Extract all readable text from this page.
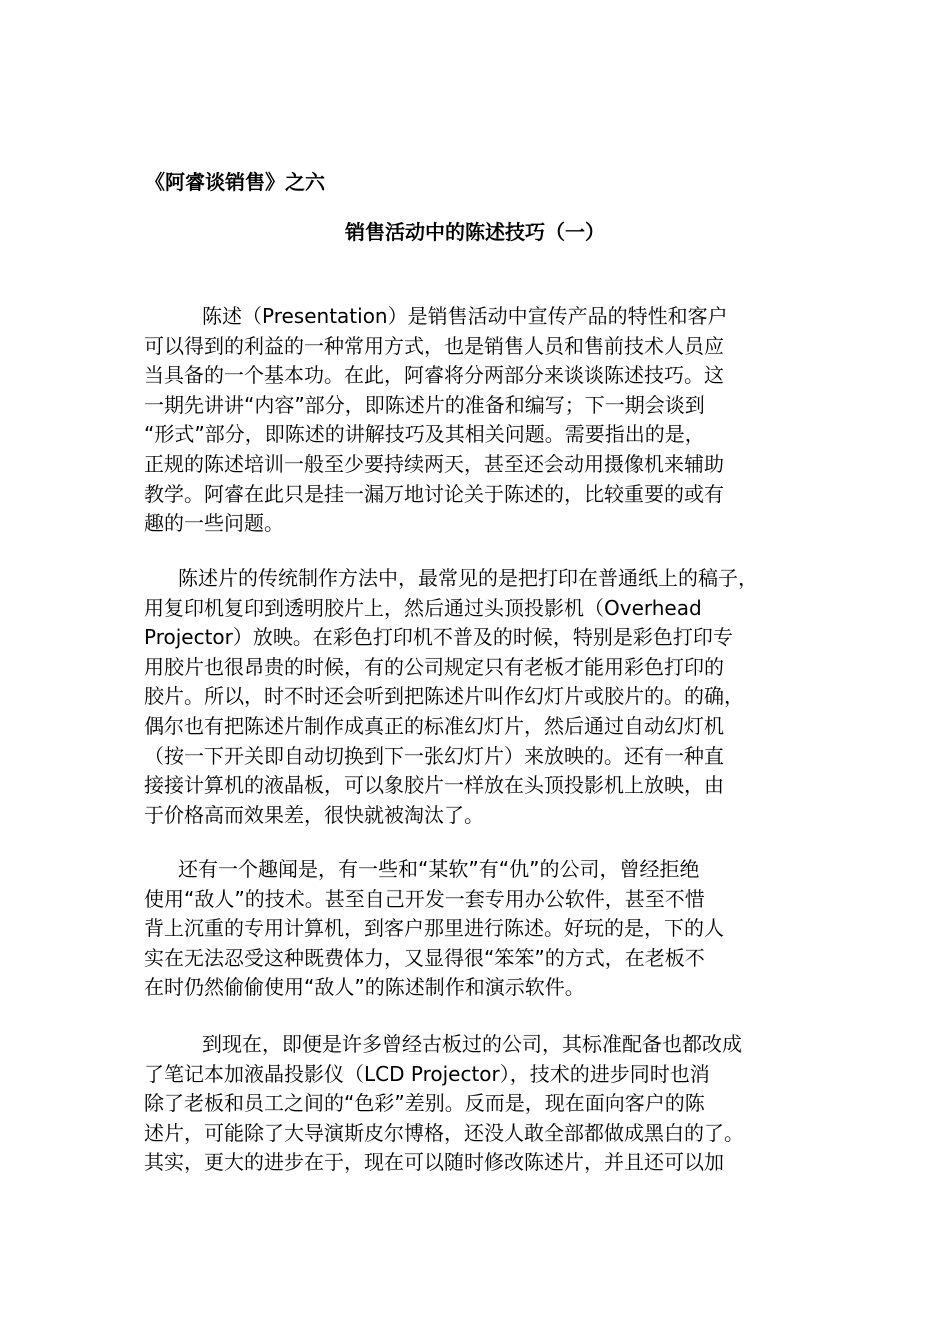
《阿睿谈销售》之六
销售活动中的陈述技巧（一）
陈述（Presentation）是销售活动中宣传产品的特性和客户
可以得到的利益的一种常用方式，也是销售人员和售前技术人员应
当具备的一个基本功。在此，阿睿将分两部分来谈谈陈述技巧。这
一期先讲讲“内容”部分，即陈述片的准备和编写；下一期会谈到
“形式”部分，即陈述的讲解技巧及其相关问题。需要指出的是，
正规的陈述培训一般至少要持续两天，甚至还会动用摄像机来辅助
教学。阿睿在此只是挂一漏万地讨论关于陈述的，比较重要的或有
趣的一些问题。
陈述片的传统制作方法中，最常见的是把打印在普通纸上的稿子，
用复印机复印到透明胶片上，然后通过头顶投影机（Overhead
Projector）放映。在彩色打印机不普及的时候，特别是彩色打印专
用胶片也很昂贵的时候，有的公司规定只有老板才能用彩色打印的
胶片。所以，时不时还会听到把陈述片叫作幻灯片或胶片的。的确，
偶尔也有把陈述片制作成真正的标准幻灯片，然后通过自动幻灯机
（按一下开关即自动切换到下一张幻灯片）来放映的。还有一种直
接接计算机的液晶板，可以象胶片一样放在头顶投影机上放映，由
于价格高而效果差，很快就被淘汰了。
还有一个趣闻是，有一些和“某软”有“仇”的公司，曾经拒绝
使用“敌人”的技术。甚至自己开发一套专用办公软件，甚至不惜
背上沉重的专用计算机，到客户那里进行陈述。好玩的是，下的人
实在无法忍受这种既费体力，又显得很“笨笨”的方式，在老板不
在时仍然偷偷使用“敌人”的陈述制作和演示软件。
到现在，即便是许多曾经古板过的公司，其标准配备也都改成
了笔记本加液晶投影仪（LCD Projector），技术的进步同时也消
除了老板和员工之间的“色彩”差别。反而是，现在面向客户的陈
述片，可能除了大导演斯皮尔博格，还没人敢全部都做成黑白的了。
其实，更大的进步在于，现在可以随时修改陈述片，并且还可以加
